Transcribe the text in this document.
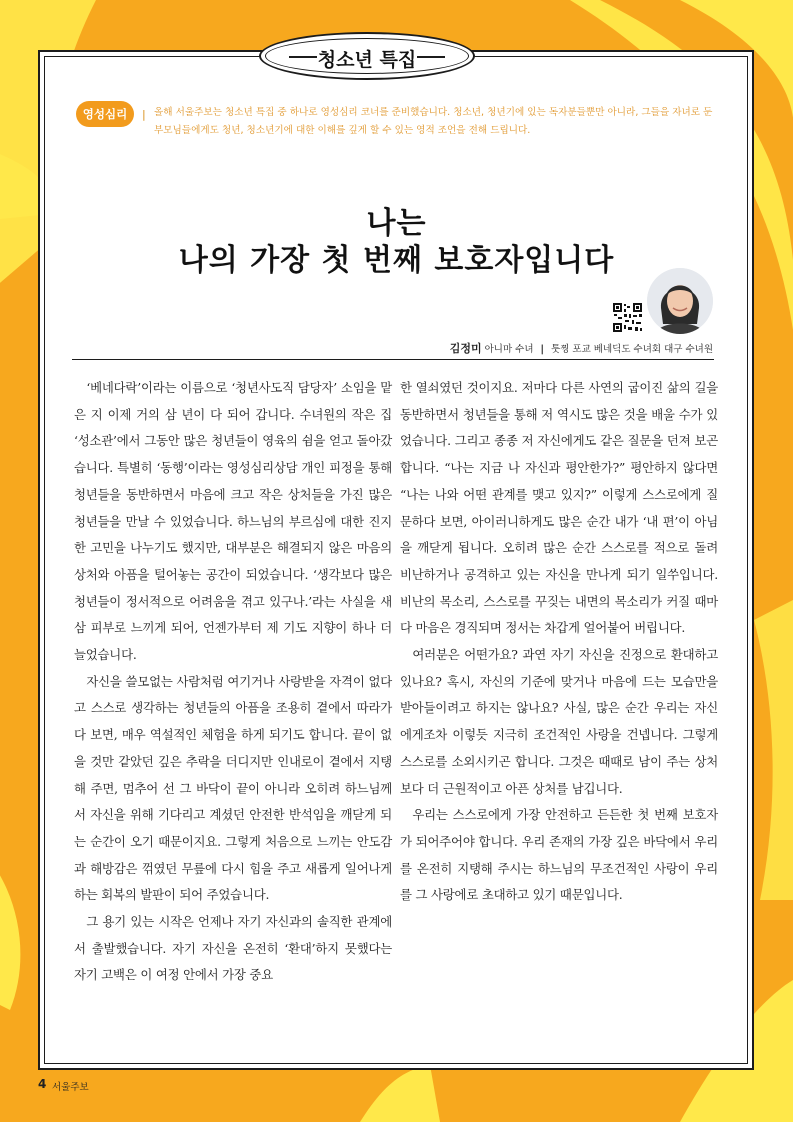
청소년 특집
영성심리	| 올해 서울주보는 청소년 특집 중 하나로 영성심리 코너를 준비했습니다. 청소년, 청년기에 있는 독자분들뿐만 아니라, 그들을 자녀로 둔 부모님들에게도 청년, 청소년기에 대한 이해를 깊게 할 수 있는 영적 조언을 전해 드립니다.
나는
나의 가장 첫 번째 보호자입니다
김정미 아니마 수녀 | 툿찡 포교 베네딕도 수녀회 대구 수녀원

‘베네다락’이라는 이름으로 ‘청년사도직 담당자’ 소임을 맡은 지 이제 거의 삼 년이 다 되어 갑니다. 수녀원의 작은 집 ‘성소관’에서 그동안 많은 청년들이 영육의 쉼을 얻고 돌아갔습니다. 특별히 ‘동행’이라는 영성심리상담 개인 피정을 통해 청년들을 동반하면서 마음에 크고 작은 상처들을 가진 많은 청년들을 만날 수 있었습니다. 하느님의 부르심에 대한 진지한 고민을 나누기도 했지만, 대부분은 해결되지 않은 마음의 상처와 아픔을 털어놓는 공간이 되었습니다. ‘생각보다 많은 청년들이 정서적으로 어려움을 겪고 있구나.’라는 사실을 새삼 피부로 느끼게 되어, 언젠가부터 제 기도 지향이 하나 더 늘었습니다.

자신을 쓸모없는 사람처럼 여기거나 사랑받을 자격이 없다고 스스로 생각하는 청년들의 아픔을 조용히 곁에서 따라가다 보면, 매우 역설적인 체험을 하게 되기도 합니다. 끝이 없을 것만 같았던 깊은 추락을 더디지만 인내로이 곁에서 지탱해 주면, 멈추어 선 그 바닥이 끝이 아니라 오히려 하느님께서 자신을 위해 기다리고 계셨던 안전한 반석임을 깨닫게 되는 순간이 오기 때문이지요. 그렇게 처음으로 느끼는 안도감과 해방감은 꺾였던 무릎에 다시 힘을 주고 새롭게 일어나게 하는 회복의 발판이 되어 주었습니다.

그 용기 있는 시작은 언제나 자기 자신과의 솔직한 관계에서 출발했습니다. 자기 자신을 온전히 ‘환대’하지 못했다는 자기 고백은 이 여정 안에서 가장 중요

한 열쇠였던 것이지요. 저마다 다른 사연의 굽이진 삶의 길을 동반하면서 청년들을 통해 저 역시도 많은 것을 배울 수가 있었습니다. 그리고 종종 저 자신에게도 같은 질문을 던져 보곤 합니다. “나는 지금 나 자신과 평안한가?” 평안하지 않다면 “나는 나와 어떤 관계를 맺고 있지?” 이렇게 스스로에게 질문하다 보면, 아이러니하게도 많은 순간 내가 ‘내 편’이 아님을 깨닫게 됩니다. 오히려 많은 순간 스스로를 적으로 돌려 비난하거나 공격하고 있는 자신을 만나게 되기 일쑤입니다. 비난의 목소리, 스스로를 꾸짖는 내면의 목소리가 커질 때마다 마음은 경직되며 정서는 차갑게 얼어붙어 버립니다.

여러분은 어떤가요? 과연 자기 자신을 진정으로 환대하고 있나요? 혹시, 자신의 기준에 맞거나 마음에 드는 모습만을 받아들이려고 하지는 않나요? 사실, 많은 순간 우리는 자신에게조차 이렇듯 지극히 조건적인 사랑을 건넵니다. 그렇게 스스로를 소외시키곤 합니다. 그것은 때때로 남이 주는 상처보다 더 근원적이고 아픈 상처를 남깁니다.

우리는 스스로에게 가장 안전하고 든든한 첫 번째 보호자가 되어주어야 합니다. 우리 존재의 가장 깊은 바닥에서 우리를 온전히 지탱해 주시는 하느님의 무조건적인 사랑이 우리를 그 사랑에로 초대하고 있기 때문입니다.

4 서울주보
